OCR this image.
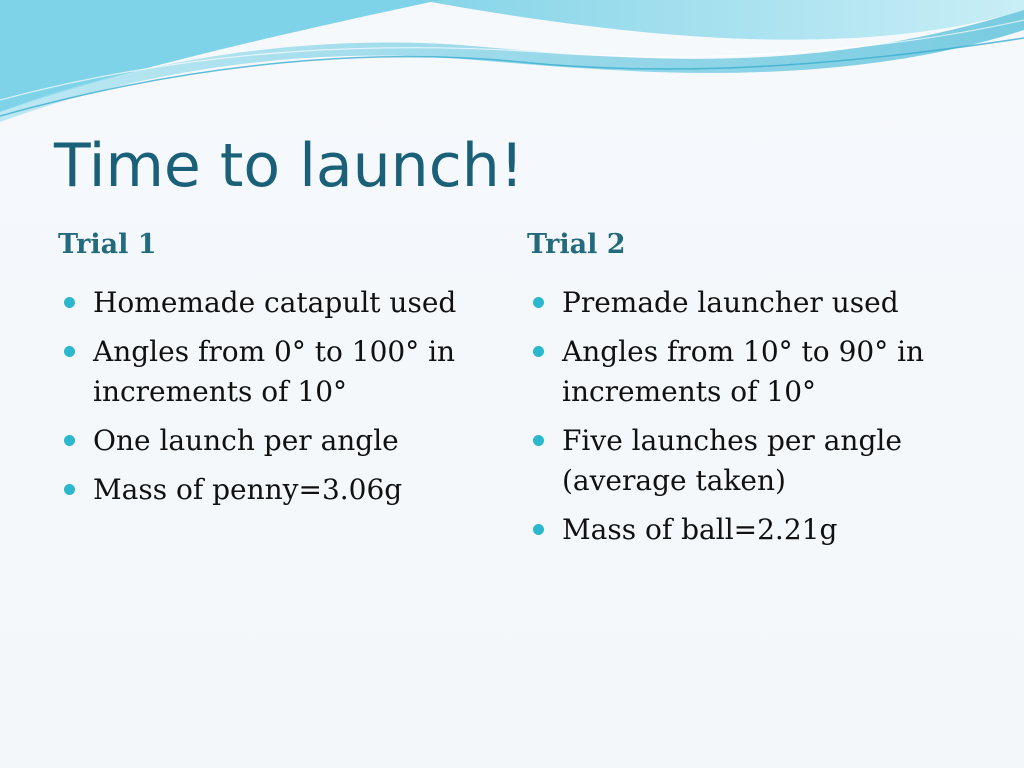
Time to launch!
Trial 1
Homemade catapult used
Angles from 0° to 100° in increments of 10°
One launch per angle
Mass of penny=3.06g
Trial 2
Premade launcher used
Angles from 10° to 90° in increments of 10°
Five launches per angle (average taken)
Mass of ball=2.21g
